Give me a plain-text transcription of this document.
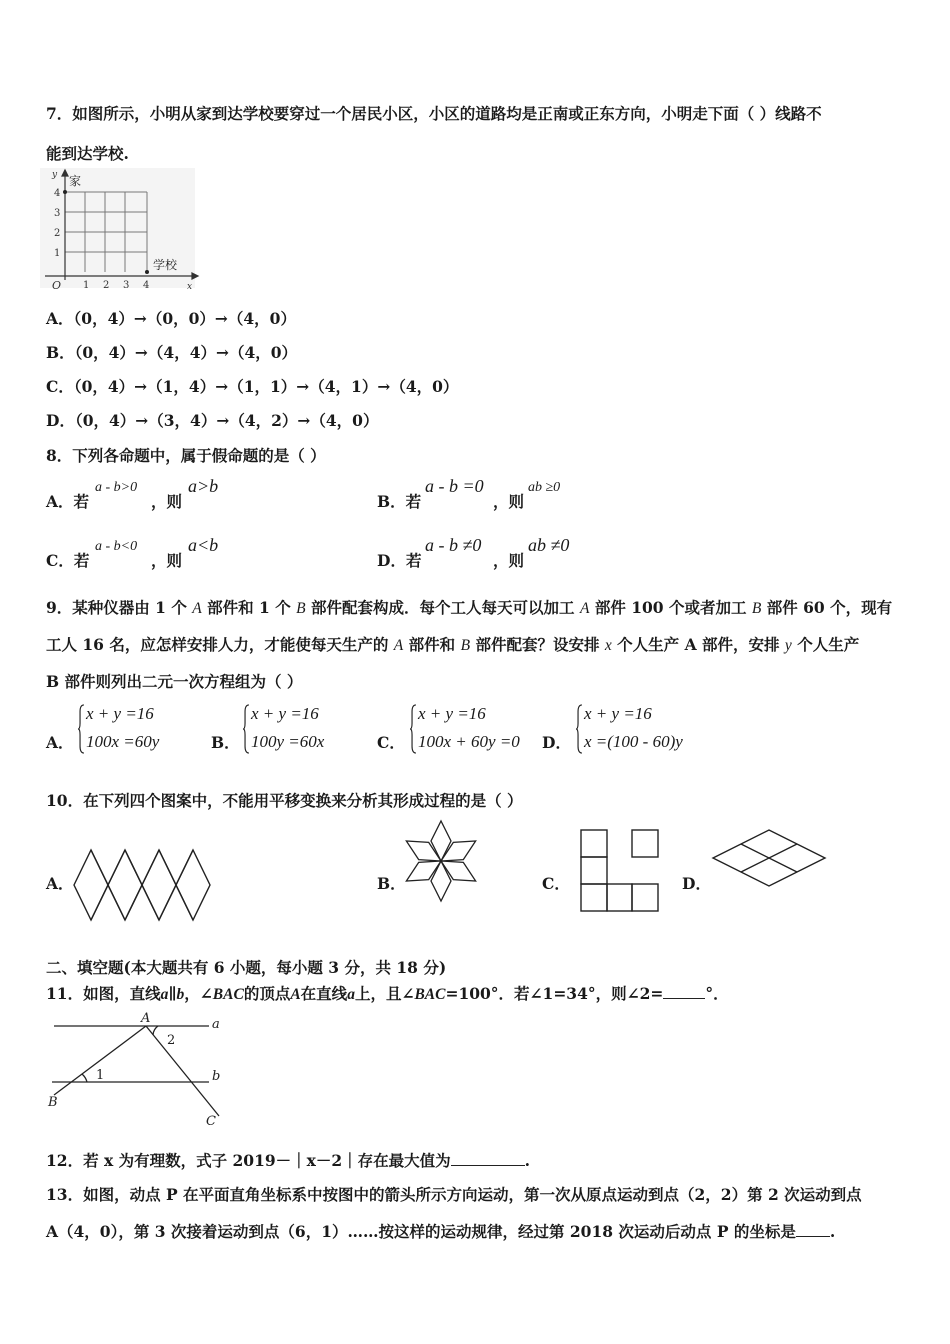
7．如图所示，小明从家到达学校要穿过一个居民小区，小区的道路均是正南或正东方向，小明走下面（ ）线路不
能到达学校.
y 家
4
3
2
1
学校
O 1 2 3 4	x
A．（0，4）→（0，0）→（4，0）
B．（0，4）→（4，4）→（4，0）
C．（0，4）→（1，4）→（1，1）→（4，1）→（4，0）
D．（0，4）→（3，4）→（4，2）→（4，0）
8．下列各命题中，属于假命题的是（ ）
A．若
a - b>0
，则
a>b
B．若
a - b =0
，则
ab ≥0
C．若
a - b<0
，则
a<b
D．若
a - b ≠0
，则
ab ≠0
9．某种仪器由 1 个 A 部件和 1 个 B 部件配套构成．每个工人每天可以加工 A 部件 100 个或者加工 B 部件 60 个，现有
工人 16 名，应怎样安排人力，才能使每天生产的 A 部件和 B 部件配套？设安排 x 个人生产 A 部件，安排 y 个人生产
B 部件则列出二元一次方程组为（ ）
A．
x + y =16
100x =60y	B．
x + y =16
100y =60x	C．
x + y =16
100x + 60y =0 D．
x + y =16
x =(100 - 60)y
10．在下列四个图案中，不能用平移变换来分析其形成过程的是（ ）
A．	B．	C．	D．
二、填空题(本大题共有 6 小题，每小题 3 分，共 18 分)
11．如图，直线a∥b，∠BAC的顶点A在直线a上，且∠BAC=100°．若∠1=34°，则∠2=	°．
A	a
2
1	b
B
C
12．若 x 为有理数，式子 2019－｜x－2｜存在最大值为	.
13．如图，动点 P 在平面直角坐标系中按图中的箭头所示方向运动，第一次从原点运动到点（2，2）第 2 次运动到点
A（4，0），第 3 次接着运动到点（6，1）……按这样的运动规律，经过第 2018 次运动后动点 P 的坐标是 .
